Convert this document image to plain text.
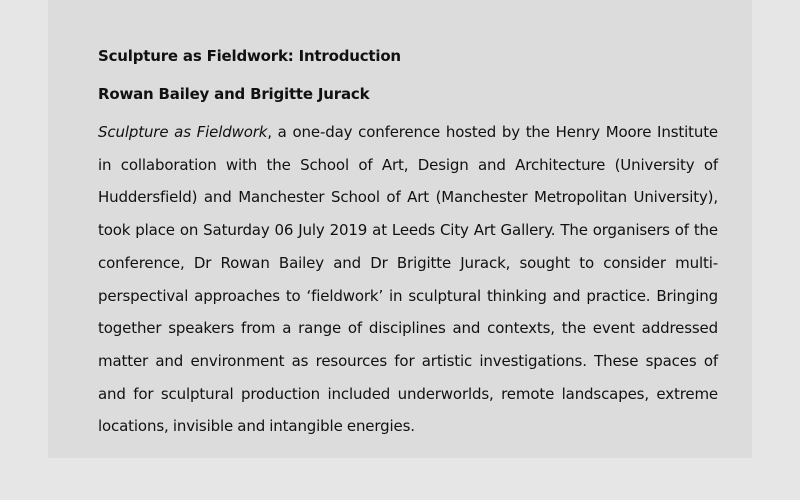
Sculpture as Fieldwork: Introduction
Rowan Bailey and Brigitte Jurack

Sculpture as Fieldwork, a one-day conference hosted by the Henry Moore Institute in collaboration with the School of Art, Design and Architecture (University of Huddersfield) and Manchester School of Art (Manchester Metropolitan University), took place on Saturday 06 July 2019 at Leeds City Art Gallery. The organisers of the conference, Dr Rowan Bailey and Dr Brigitte Jurack, sought to consider multi-perspectival approaches to ‘fieldwork’ in sculptural thinking and practice. Bringing together speakers from a range of disciplines and contexts, the event addressed matter and environment as resources for artistic investigations. These spaces of and for sculptural production included underworlds, remote landscapes, extreme locations, invisible and intangible energies.
